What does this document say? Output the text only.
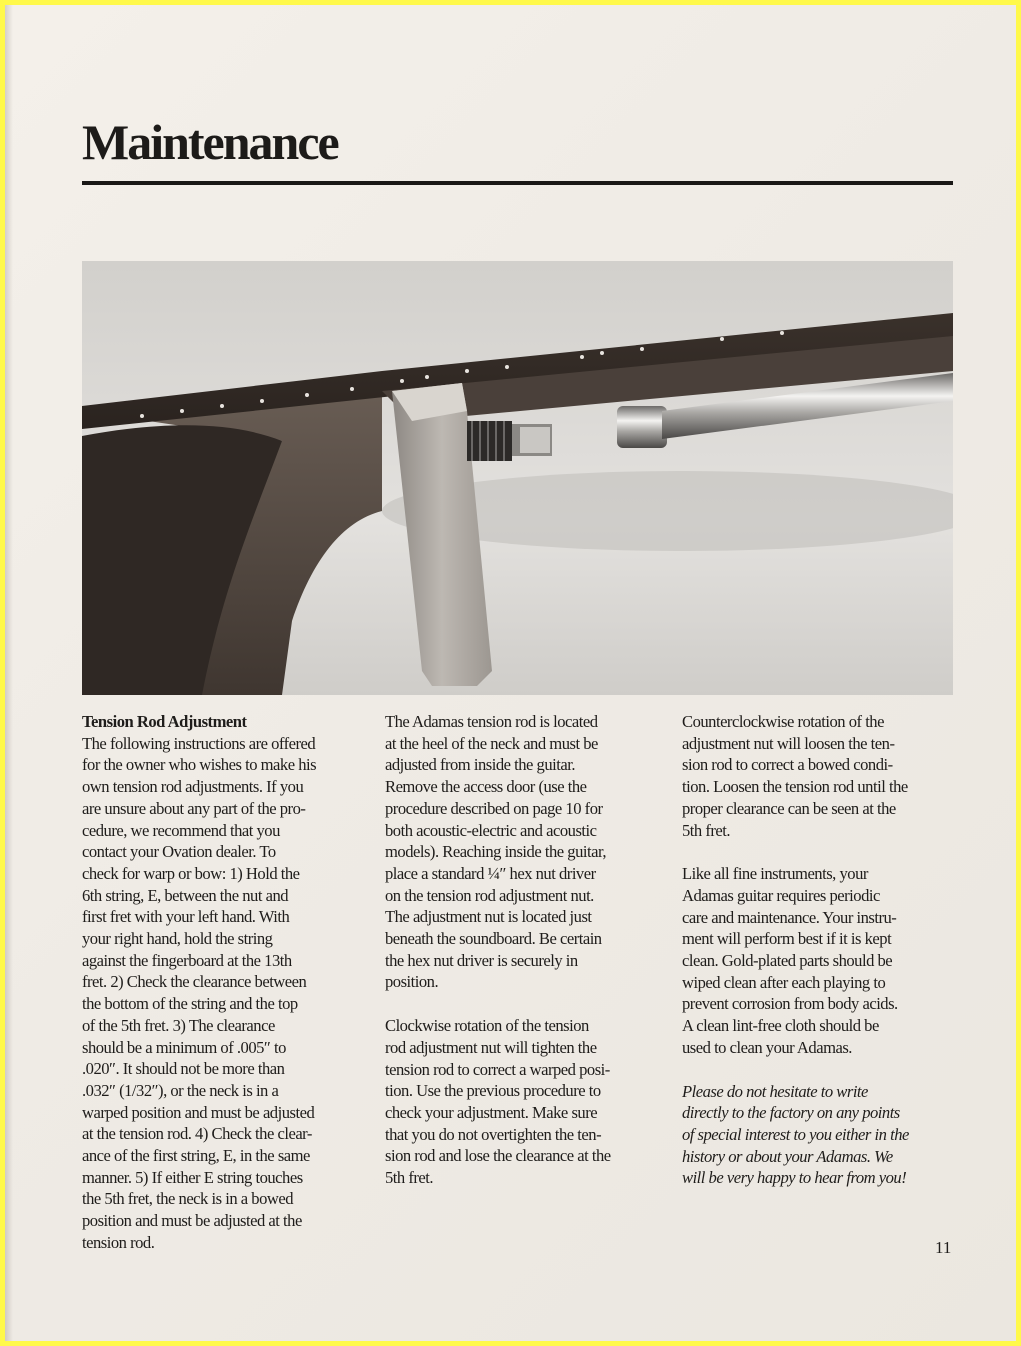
Maintenance
Tension Rod Adjustment

The following instructions are offered
for the owner who wishes to make his
own tension rod adjustments. If you
are unsure about any part of the pro-
cedure, we recommend that you
contact your Ovation dealer. To
check for warp or bow: 1) Hold the
6th string, E, between the nut and
first fret with your left hand. With
your right hand, hold the string
against the fingerboard at the 13th
fret. 2) Check the clearance between
the bottom of the string and the top
of the 5th fret. 3) The clearance
should be a minimum of .005″ to
.020″. It should not be more than
.032″ (1/32″), or the neck is in a
warped position and must be adjusted
at the tension rod. 4) Check the clear-
ance of the first string, E, in the same
manner. 5) If either E string touches
the 5th fret, the neck is in a bowed
position and must be adjusted at the
tension rod.

The Adamas tension rod is located
at the heel of the neck and must be
adjusted from inside the guitar.
Remove the access door (use the
procedure described on page 10 for
both acoustic-electric and acoustic
models). Reaching inside the guitar,
place a standard ¼″ hex nut driver
on the tension rod adjustment nut.
The adjustment nut is located just
beneath the soundboard. Be certain
the hex nut driver is securely in
position.

Clockwise rotation of the tension
rod adjustment nut will tighten the
tension rod to correct a warped posi-
tion. Use the previous procedure to
check your adjustment. Make sure
that you do not overtighten the ten-
sion rod and lose the clearance at the
5th fret.

Counterclockwise rotation of the
adjustment nut will loosen the ten-
sion rod to correct a bowed condi-
tion. Loosen the tension rod until the
proper clearance can be seen at the
5th fret.

Like all fine instruments, your
Adamas guitar requires periodic
care and maintenance. Your instru-
ment will perform best if it is kept
clean. Gold-plated parts should be
wiped clean after each playing to
prevent corrosion from body acids.
A clean lint-free cloth should be
used to clean your Adamas.

Please do not hesitate to write
directly to the factory on any points
of special interest to you either in the
history or about your Adamas. We
will be very happy to hear from you!

11
